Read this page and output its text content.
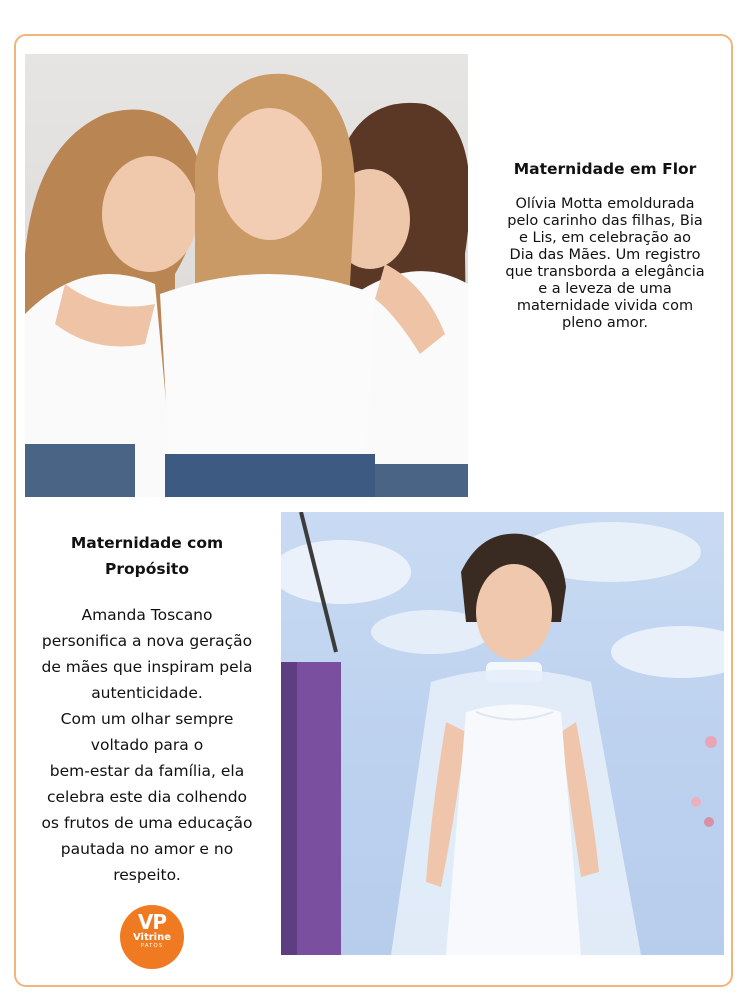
Maternidade em Flor
Olívia Motta emoldurada pelo carinho das filhas, Bia e Lis, em celebração ao Dia das Mães. Um registro que transborda a elegância e a leveza de uma maternidade vivida com pleno amor.
Maternidade com Propósito
Amanda Toscano
personifica a nova geração
de mães que inspiram pela
autenticidade.
Com um olhar sempre
voltado para o
bem-estar da família, ela
celebra este dia colhendo
os frutos de uma educação
pautada no amor e no
respeito.
VP
Vitrine
PATOS
